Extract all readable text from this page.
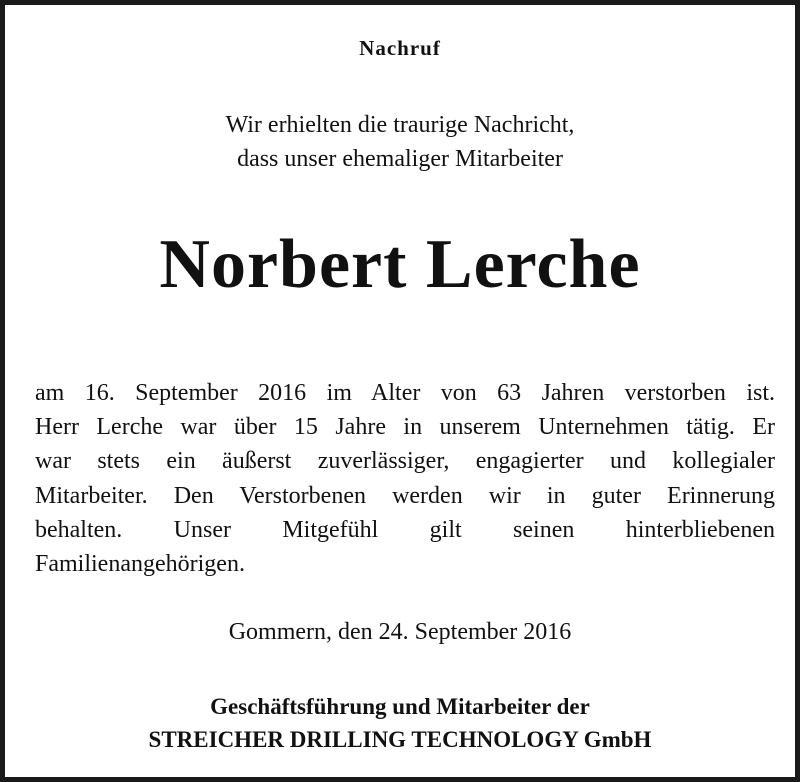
Nachruf
Wir erhielten die traurige Nachricht,
dass unser ehemaliger Mitarbeiter
Norbert Lerche
am 16. September 2016 im Alter von 63 Jahren verstorben ist.
Herr Lerche war über 15 Jahre in unserem Unternehmen tätig. Er
war stets ein äußerst zuverlässiger, engagierter und kollegialer
Mitarbeiter. Den Verstorbenen werden wir in guter Erinnerung
behalten. Unser Mitgefühl gilt seinen hinterbliebenen
Familienangehörigen.
Gommern, den 24. September 2016
Geschäftsführung und Mitarbeiter der
STREICHER DRILLING TECHNOLOGY GmbH
